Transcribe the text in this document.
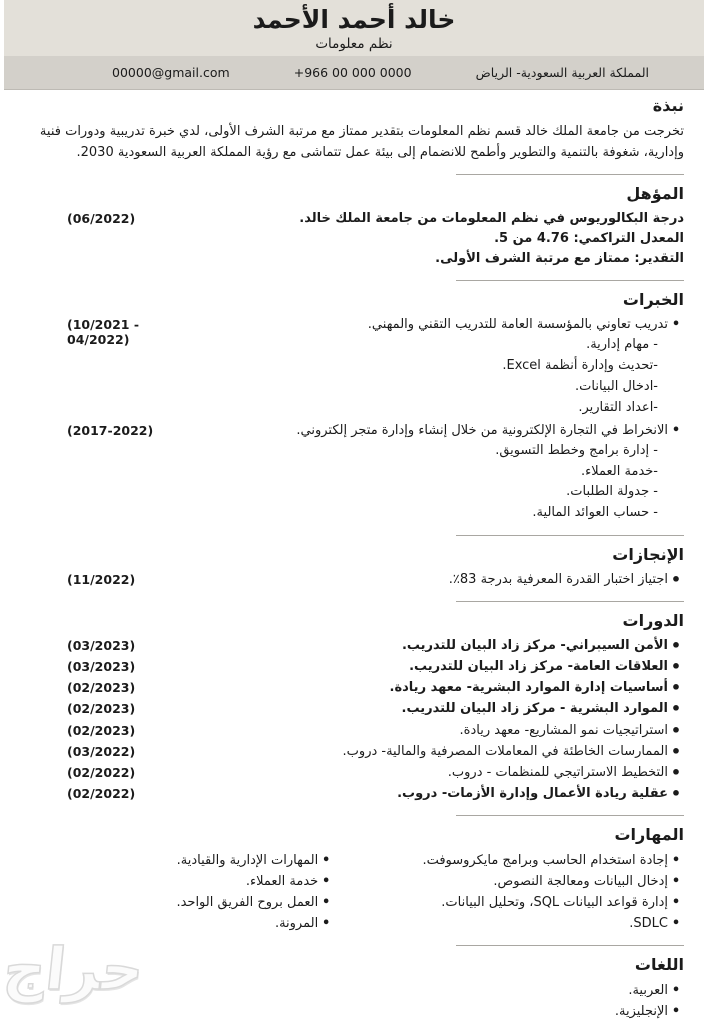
خالد أحمد الأحمد
نظم معلومات
المملكة العربية السعودية- الرياض
+966 00 000 0000
00000@gmail.com
نبذة

تخرجت من جامعة الملك خالد قسم نظم المعلومات بتقدير ممتاز مع مرتبة الشرف الأولى، لدي خبرة تدريبية ودورات فنية وإدارية، شغوفة بالتنمية والتطوير وأطمح للانضمام إلى بيئة عمل تتماشى مع رؤية المملكة العربية السعودية 2030.

المؤهل
درجة البكالوريوس في نظم المعلومات من جامعة الملك خالد.
المعدل التراكمي: 4.76 من 5.
التقدير: ممتاز مع مرتبة الشرف الأولى.
(06/2022)
الخبرات
•
تدريب تعاوني بالمؤسسة العامة للتدريب التقني والمهني.
- مهام إدارية.
-تحديث وإدارة أنظمة Excel.
-ادخال البيانات.
-اعداد التقارير.
(10/2021 - 04/2022)
•
الانخراط في التجارة الإلكترونية من خلال إنشاء وإدارة متجر إلكتروني.
- إدارة برامج وخطط التسويق.
-خدمة العملاء.
- جدولة الطلبات.
- حساب العوائد المالية.
(2017-2022)
الإنجازات
•
اجتياز اختبار القدرة المعرفية بدرجة 83٪.
(11/2022)
الدورات
•
الأمن السيبراني- مركز زاد البيان للتدريب.
(03/2023)
•
العلاقات العامة- مركز زاد البيان للتدريب.
(03/2023)
•
أساسيات إدارة الموارد البشرية- معهد ريادة.
(02/2023)
•
الموارد البشرية - مركز زاد البيان للتدريب.
(02/2023)
•
استراتيجيات نمو المشاريع- معهد ريادة.
(02/2023)
•
الممارسات الخاطئة في المعاملات المصرفية والمالية- دروب.
(03/2022)
•
التخطيط الاستراتيجي للمنظمات - دروب.
(02/2022)
•
عقلية ريادة الأعمال وإدارة الأزمات- دروب.
(02/2022)
المهارات
•
إجادة استخدام الحاسب وبرامج مايكروسوفت.
•
إدخال البيانات ومعالجة النصوص.
•
إدارة قواعد البيانات SQL، وتحليل البيانات.
•
SDLC.
•
المهارات الإدارية والقيادية.
•
خدمة العملاء.
•
العمل بروح الفريق الواحد.
•
المرونة.
اللغات
•
العربية.
•
الإنجليزية.
حراج
